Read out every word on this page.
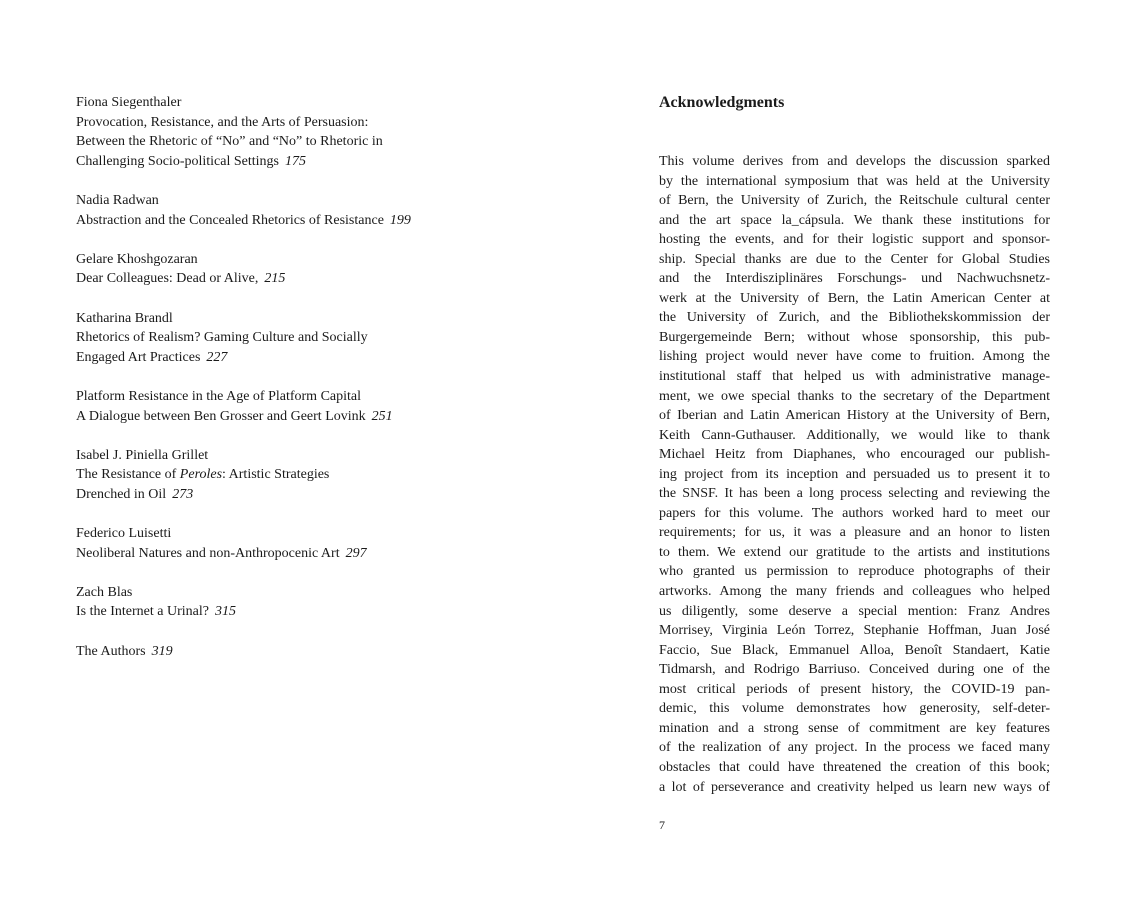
Fiona Siegenthaler
Provocation, Resistance, and the Arts of Persuasion:
Between the Rhetoric of “No” and “No” to Rhetoric in
Challenging Socio-political Settings 175
Nadia Radwan
Abstraction and the Concealed Rhetorics of Resistance 199
Gelare Khoshgozaran
Dear Colleagues: Dead or Alive, 215
Katharina Brandl
Rhetorics of Realism? Gaming Culture and Socially
Engaged Art Practices 227
Platform Resistance in the Age of Platform Capital
A Dialogue between Ben Grosser and Geert Lovink 251
Isabel J. Piniella Grillet
The Resistance of Peroles: Artistic Strategies
Drenched in Oil 273
Federico Luisetti
Neoliberal Natures and non-Anthropocenic Art 297
Zach Blas
Is the Internet a Urinal? 315
The Authors 319
Acknowledgments
This volume derives from and develops the discussion sparked
by the international symposium that was held at the University
of Bern, the University of Zurich, the Reitschule cultural center
and the art space la_cápsula. We thank these institutions for
hosting the events, and for their logistic support and sponsor-
ship. Special thanks are due to the Center for Global Studies
and the Interdisziplinäres Forschungs- und Nachwuchsnetz-
werk at the University of Bern, the Latin American Center at
the University of Zurich, and the Bibliothekskommission der
Burgergemeinde Bern; without whose sponsorship, this pub-
lishing project would never have come to fruition. Among the
institutional staff that helped us with administrative manage-
ment, we owe special thanks to the secretary of the Department
of Iberian and Latin American History at the University of Bern,
Keith Cann-Guthauser. Additionally, we would like to thank
Michael Heitz from Diaphanes, who encouraged our publish-
ing project from its inception and persuaded us to present it to
the SNSF. It has been a long process selecting and reviewing the
papers for this volume. The authors worked hard to meet our
requirements; for us, it was a pleasure and an honor to listen
to them. We extend our gratitude to the artists and institutions
who granted us permission to reproduce photographs of their
artworks. Among the many friends and colleagues who helped
us diligently, some deserve a special mention: Franz Andres
Morrisey, Virginia León Torrez, Stephanie Hoffman, Juan José
Faccio, Sue Black, Emmanuel Alloa, Benoît Standaert, Katie
Tidmarsh, and Rodrigo Barriuso. Conceived during one of the
most critical periods of present history, the COVID-19 pan-
demic, this volume demonstrates how generosity, self-deter-
mination and a strong sense of commitment are key features
of the realization of any project. In the process we faced many
obstacles that could have threatened the creation of this book;
a lot of perseverance and creativity helped us learn new ways of
7
